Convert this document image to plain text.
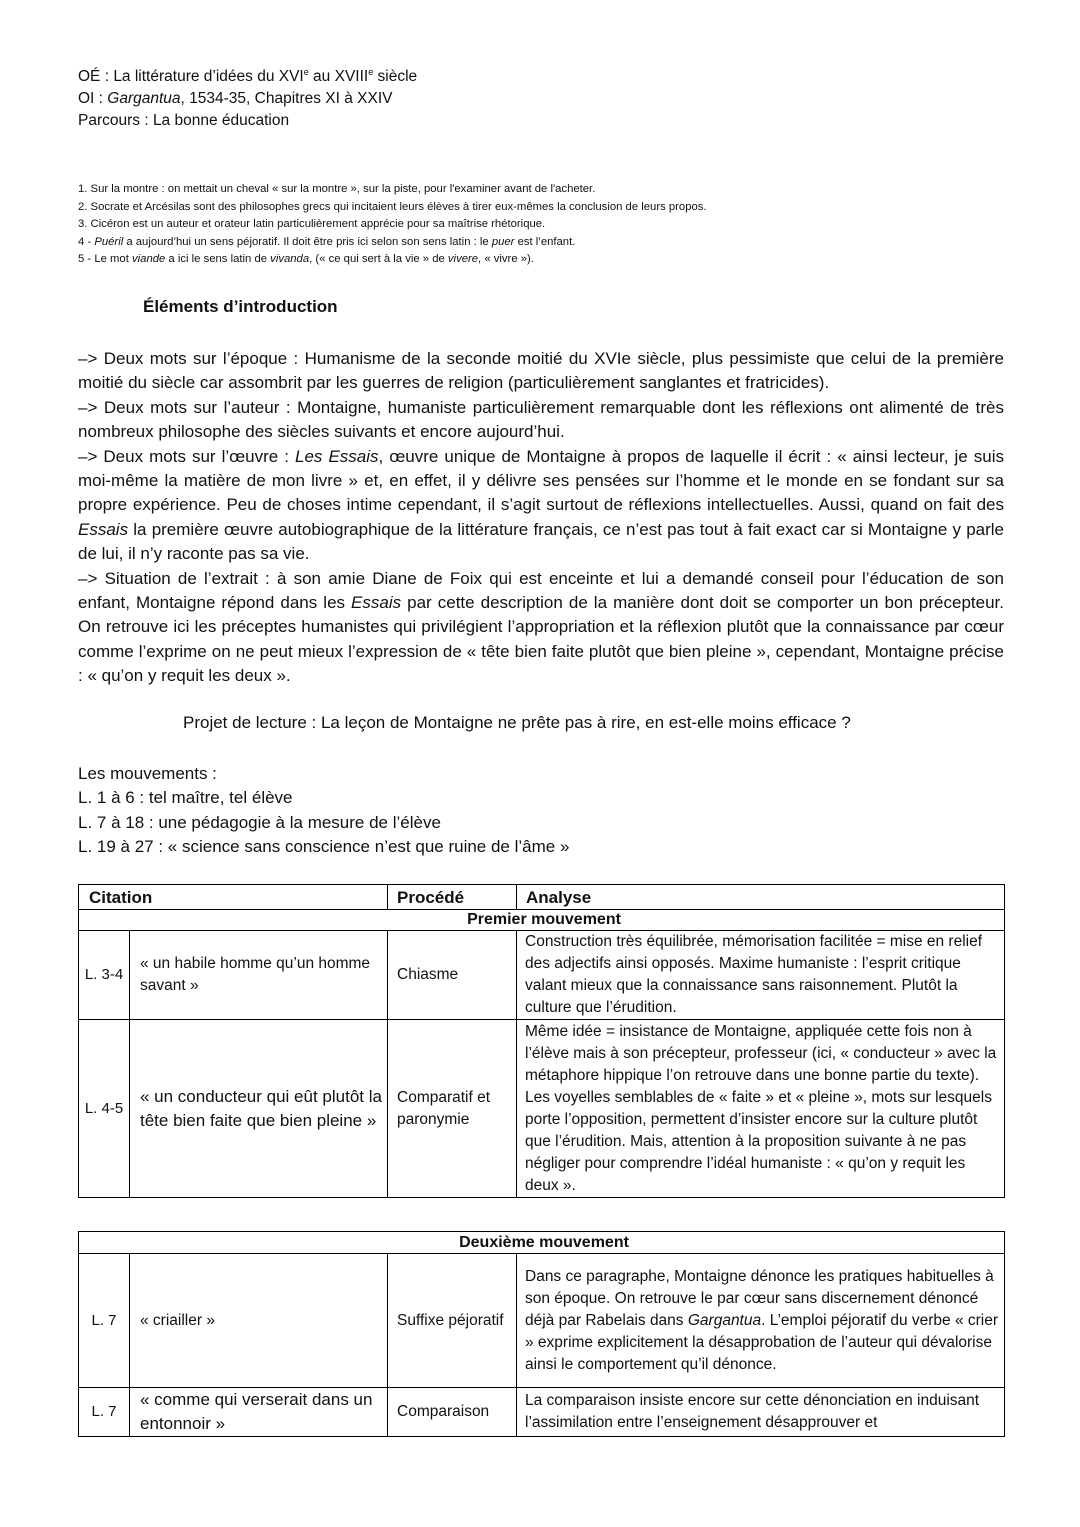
OÉ : La littérature d’idées du XVIe au XVIIIe siècle
OI : Gargantua, 1534-35, Chapitres XI à XXIV
Parcours : La bonne éducation
1. Sur la montre : on mettait un cheval « sur la montre », sur la piste, pour l'examiner avant de l'acheter.
2. Socrate et Arcésilas sont des philosophes grecs qui incitaient leurs élèves à tirer eux-mêmes la conclusion de leurs propos.
3. Cicéron est un auteur et orateur latin particulièrement apprécie pour sa maîtrise rhétorique.
4 - Puéril a aujourd’hui un sens péjoratif. Il doit être pris ici selon son sens latin : le puer est l’enfant.
5 - Le mot viande a ici le sens latin de vivanda, (« ce qui sert à la vie » de vivere, « vivre »).
Éléments d’introduction

–> Deux mots sur l’époque : Humanisme de la seconde moitié du XVIe siècle, plus pessimiste que celui de la première moitié du siècle car assombrit par les guerres de religion (particulièrement sanglantes et fratricides).

–> Deux mots sur l’auteur : Montaigne, humaniste particulièrement remarquable dont les réflexions ont alimenté de très nombreux philosophe des siècles suivants et encore aujourd’hui.

–> Deux mots sur l’œuvre : Les Essais, œuvre unique de Montaigne à propos de laquelle il écrit : « ainsi lecteur, je suis moi-même la matière de mon livre » et, en effet, il y délivre ses pensées sur l’homme et le monde en se fondant sur sa propre expérience. Peu de choses intime cependant, il s’agit surtout de réflexions intellectuelles. Aussi, quand on fait des Essais la première œuvre autobiographique de la littérature français, ce n’est pas tout à fait exact car si Montaigne y parle de lui, il n’y raconte pas sa vie.

–> Situation de l’extrait : à son amie Diane de Foix qui est enceinte et lui a demandé conseil pour l’éducation de son enfant, Montaigne répond dans les Essais par cette description de la manière dont doit se comporter un bon précepteur. On retrouve ici les préceptes humanistes qui privilégient l’appropriation et la réflexion plutôt que la connaissance par cœur comme l’exprime on ne peut mieux l’expression de « tête bien faite plutôt que bien pleine », cependant, Montaigne précise : « qu’on y requit les deux ».

Projet de lecture : La leçon de Montaigne ne prête pas à rire, en est-elle moins efficace ?
Les mouvements :
L. 1 à 6 : tel maître, tel élève
L. 7 à 18 : une pédagogie à la mesure de l’élève
L. 19 à 27 : « science sans conscience n’est que ruine de l’âme »
Citation		Procédé	Analyse
Premier mouvement			
L. 3-4	« un habile homme qu’un homme savant »	Chiasme	Construction très équilibrée, mémorisation facilitée = mise en relief des adjectifs ainsi opposés. Maxime humaniste : l’esprit critique valant mieux que la connaissance sans raisonnement. Plutôt la culture que l’érudition.
L. 4-5	« un conducteur qui eût plutôt la tête bien faite que bien pleine »	Comparatif et paronymie	Même idée = insistance de Montaigne, appliquée cette fois non à l’élève mais à son précepteur, professeur (ici, « conducteur » avec la métaphore hippique l’on retrouve dans une bonne partie du texte). Les voyelles semblables de « faite » et « pleine », mots sur lesquels porte l’opposition, permettent d’insister encore sur la culture plutôt que l’érudition. Mais, attention à la proposition suivante à ne pas négliger pour comprendre l’idéal humaniste : « qu’on y requit les deux ».
Deuxième mouvement			
L. 7	« criailler »	Suffixe péjoratif	Dans ce paragraphe, Montaigne dénonce les pratiques habituelles à son époque. On retrouve le par cœur sans discernement dénoncé déjà par Rabelais dans Gargantua. L’emploi péjoratif du verbe « crier » exprime explicitement la désapprobation de l’auteur qui dévalorise ainsi le comportement qu’il dénonce.
L. 7	« comme qui verserait dans un entonnoir »	Comparaison	La comparaison insiste encore sur cette dénonciation en induisant l’assimilation entre l’enseignement désapprouver et
